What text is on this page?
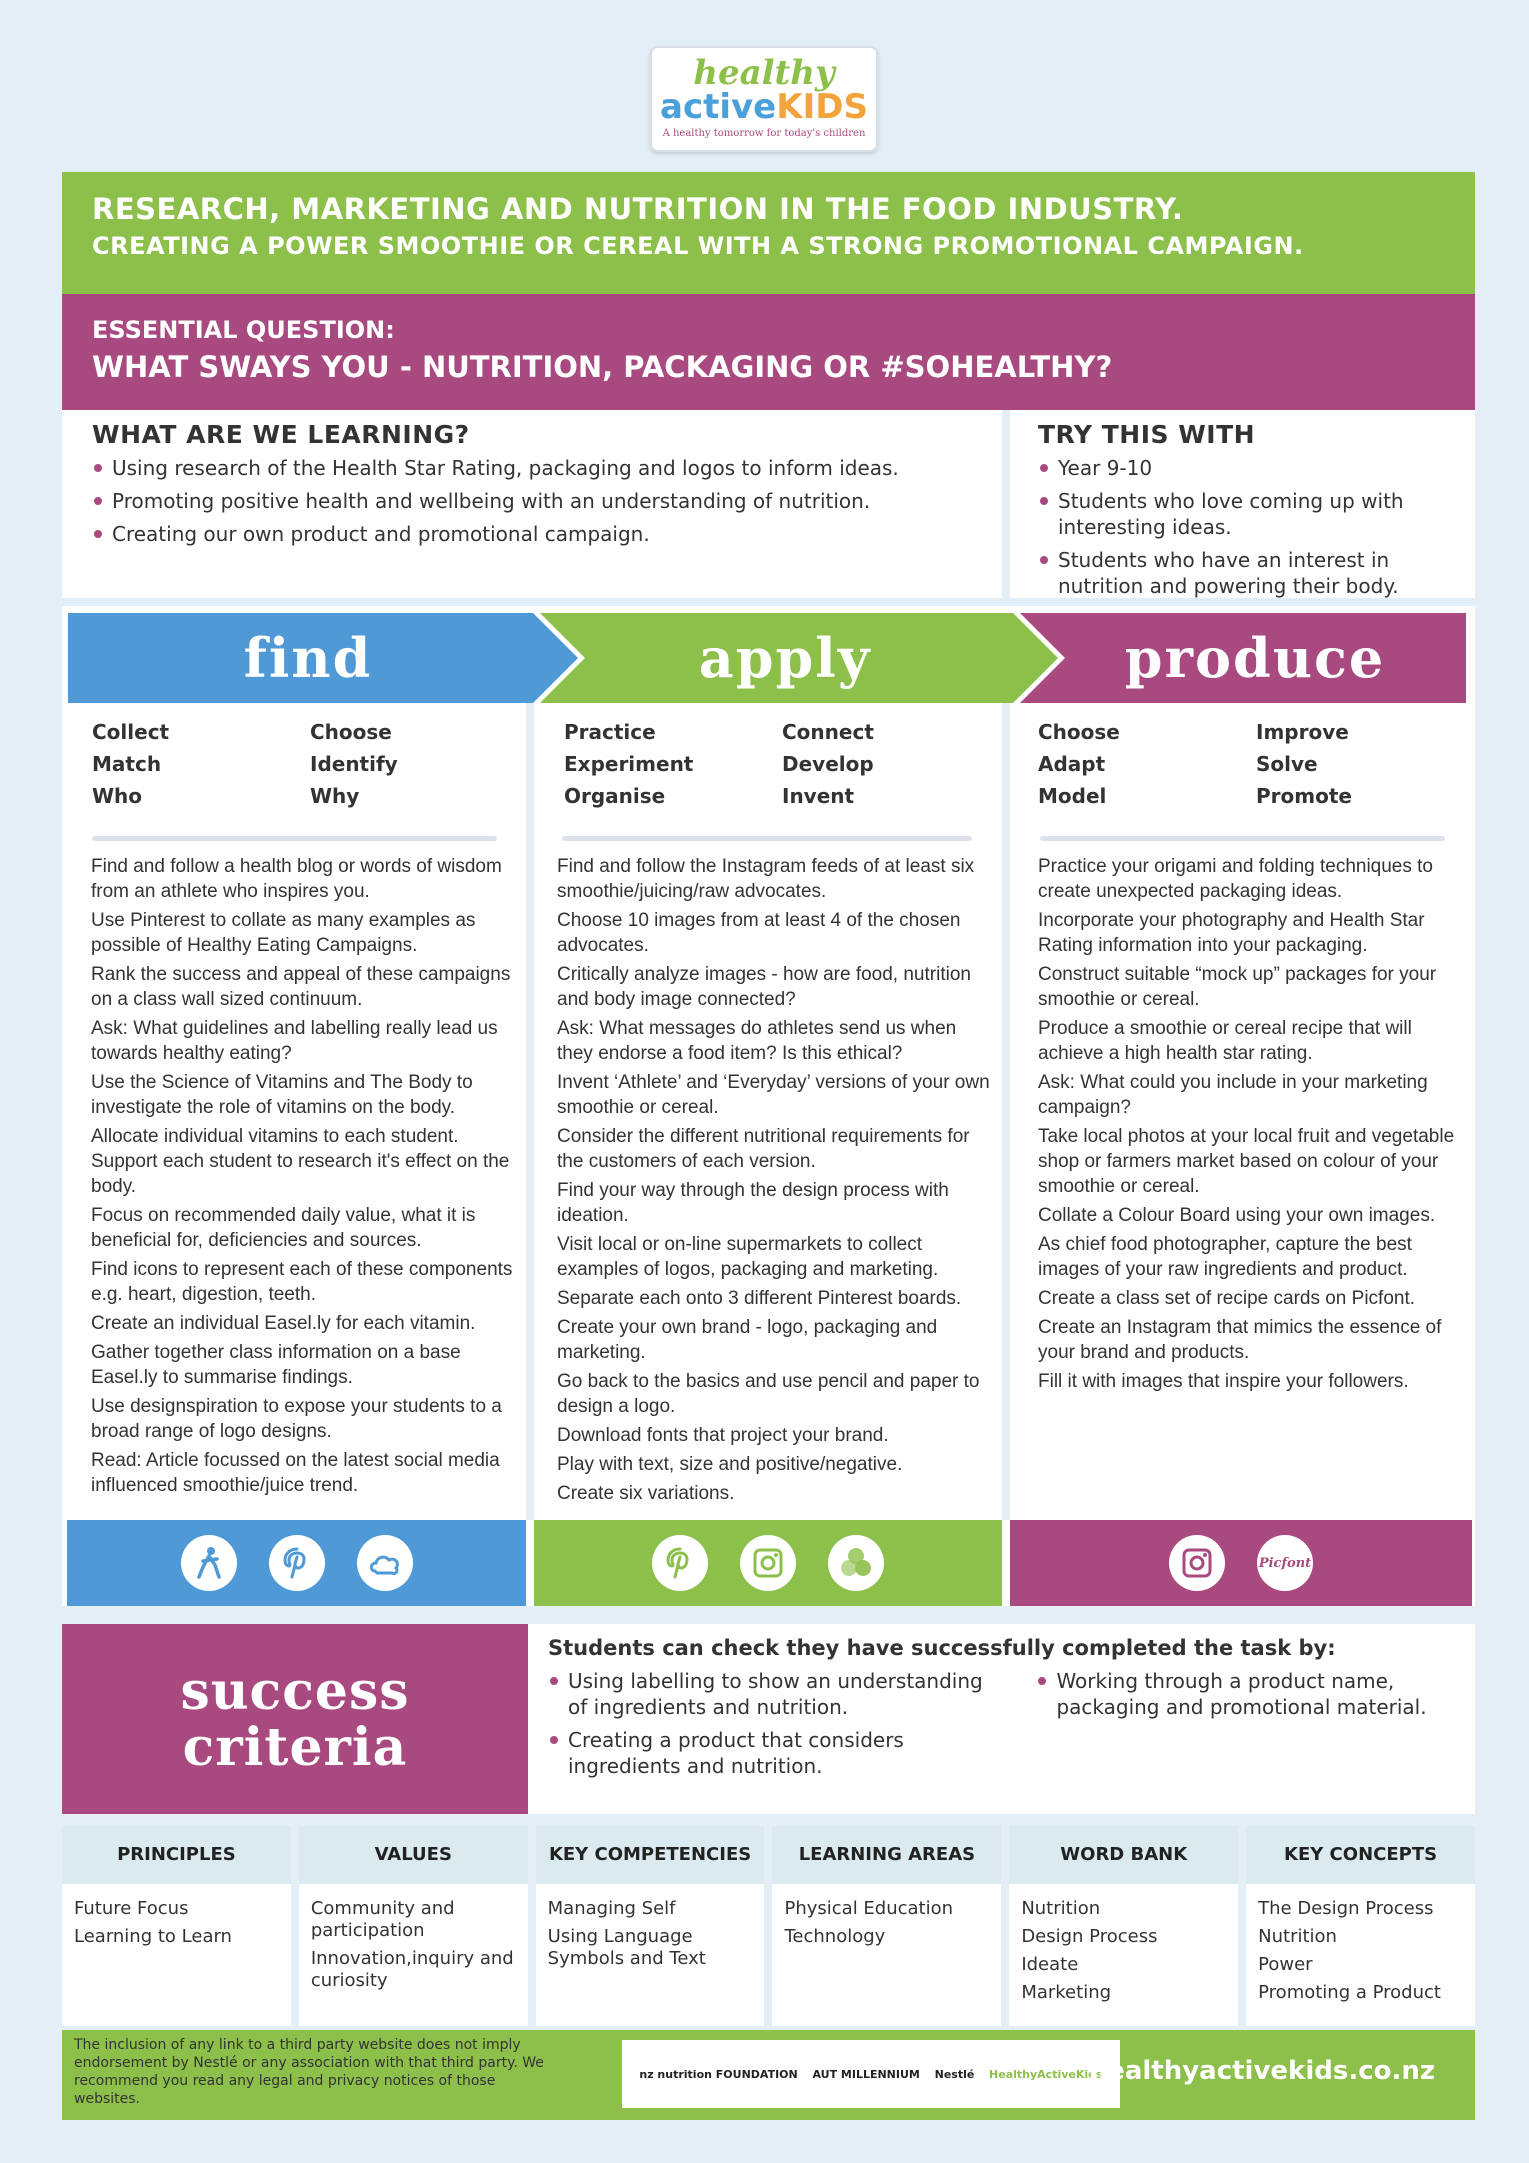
healthy
activeKIDS
A healthy tomorrow for today's children
RESEARCH, MARKETING AND NUTRITION IN THE FOOD INDUSTRY.
CREATING A POWER SMOOTHIE OR CEREAL WITH A STRONG PROMOTIONAL CAMPAIGN.
ESSENTIAL QUESTION:
WHAT SWAYS YOU - NUTRITION, PACKAGING OR #SOHEALTHY?
WHAT ARE WE LEARNING?
Using research of the Health Star Rating, packaging and logos to inform ideas.
Promoting positive health and wellbeing with an understanding of nutrition.
Creating our own product and promotional campaign.
TRY THIS WITH
Year 9-10
Students who love coming up with interesting ideas.
Students who have an interest in nutrition and powering their body.
find	apply	produce
Collect	Choose
Match	Identify
Who	Why

Find and follow a health blog or words of wisdom from an athlete who inspires you.

Use Pinterest to collate as many examples as possible of Healthy Eating Campaigns.

Rank the success and appeal of these campaigns on a class wall sized continuum.

Ask: What guidelines and labelling really lead us towards healthy eating?

Use the Science of Vitamins and The Body to investigate the role of vitamins on the body.

Allocate individual vitamins to each student. Support each student to research it's effect on the body.

Focus on recommended daily value, what it is beneficial for, deficiencies and sources.

Find icons to represent each of these components e.g. heart, digestion, teeth.

Create an individual Easel.ly for each vitamin.

Gather together class information on a base Easel.ly to summarise findings.

Use designspiration to expose your students to a broad range of logo designs.

Read: Article focussed on the latest social media influenced smoothie/juice trend.

Practice	Connect
Experiment	Develop
Organise	Invent

Find and follow the Instagram feeds of at least six smoothie/juicing/raw advocates.

Choose 10 images from at least 4 of the chosen advocates.

Critically analyze images - how are food, nutrition and body image connected?

Ask: What messages do athletes send us when they endorse a food item? Is this ethical?

Invent ‘Athlete’ and ‘Everyday’ versions of your own smoothie or cereal.

Consider the different nutritional requirements for the customers of each version.

Find your way through the design process with ideation.

Visit local or on-line supermarkets to collect examples of logos, packaging and marketing.

Separate each onto 3 different Pinterest boards.

Create your own brand - logo, packaging and marketing.

Go back to the basics and use pencil and paper to design a logo.

Download fonts that project your brand.

Play with text, size and positive/negative.

Create six variations.

Choose	Improve
Adapt	Solve
Model	Promote

Practice your origami and folding techniques to create unexpected packaging ideas.

Incorporate your photography and Health Star Rating information into your packaging.

Construct suitable “mock up” packages for your smoothie or cereal.

Produce a smoothie or cereal recipe that will achieve a high health star rating.

Ask: What could you include in your marketing campaign?

Take local photos at your local fruit and vegetable shop or farmers market based on colour of your smoothie or cereal.

Collate a Colour Board using your own images.

As chief food photographer, capture the best images of your raw ingredients and product.

Create a class set of recipe cards on Picfont.

Create an Instagram that mimics the essence of your brand and products.

Fill it with images that inspire your followers.

Picfont
success
criteria
Students can check they have successfully completed the task by:
Using labelling to show an understanding of ingredients and nutrition.
Creating a product that considers ingredients and nutrition.
Working through a product name, packaging and promotional material.
PRINCIPLES
Future Focus
Learning to Learn
VALUES
Community and participation
Innovation,inquiry and curiosity
KEY COMPETENCIES
Managing Self
Using Language Symbols and Text
LEARNING AREAS
Physical Education
Technology
WORD BANK
Nutrition
Design Process
Ideate
Marketing
KEY CONCEPTS
The Design Process
Nutrition
Power
Promoting a Product
The inclusion of any link to a third party website does not imply endorsement by Nestlé or any association with that third party. We recommend you read any legal and privacy notices of those websites.
nz nutrition FOUNDATION AUT MILLENNIUM Nestlé HealthyActiveKids
healthyactivekids.co.nz
